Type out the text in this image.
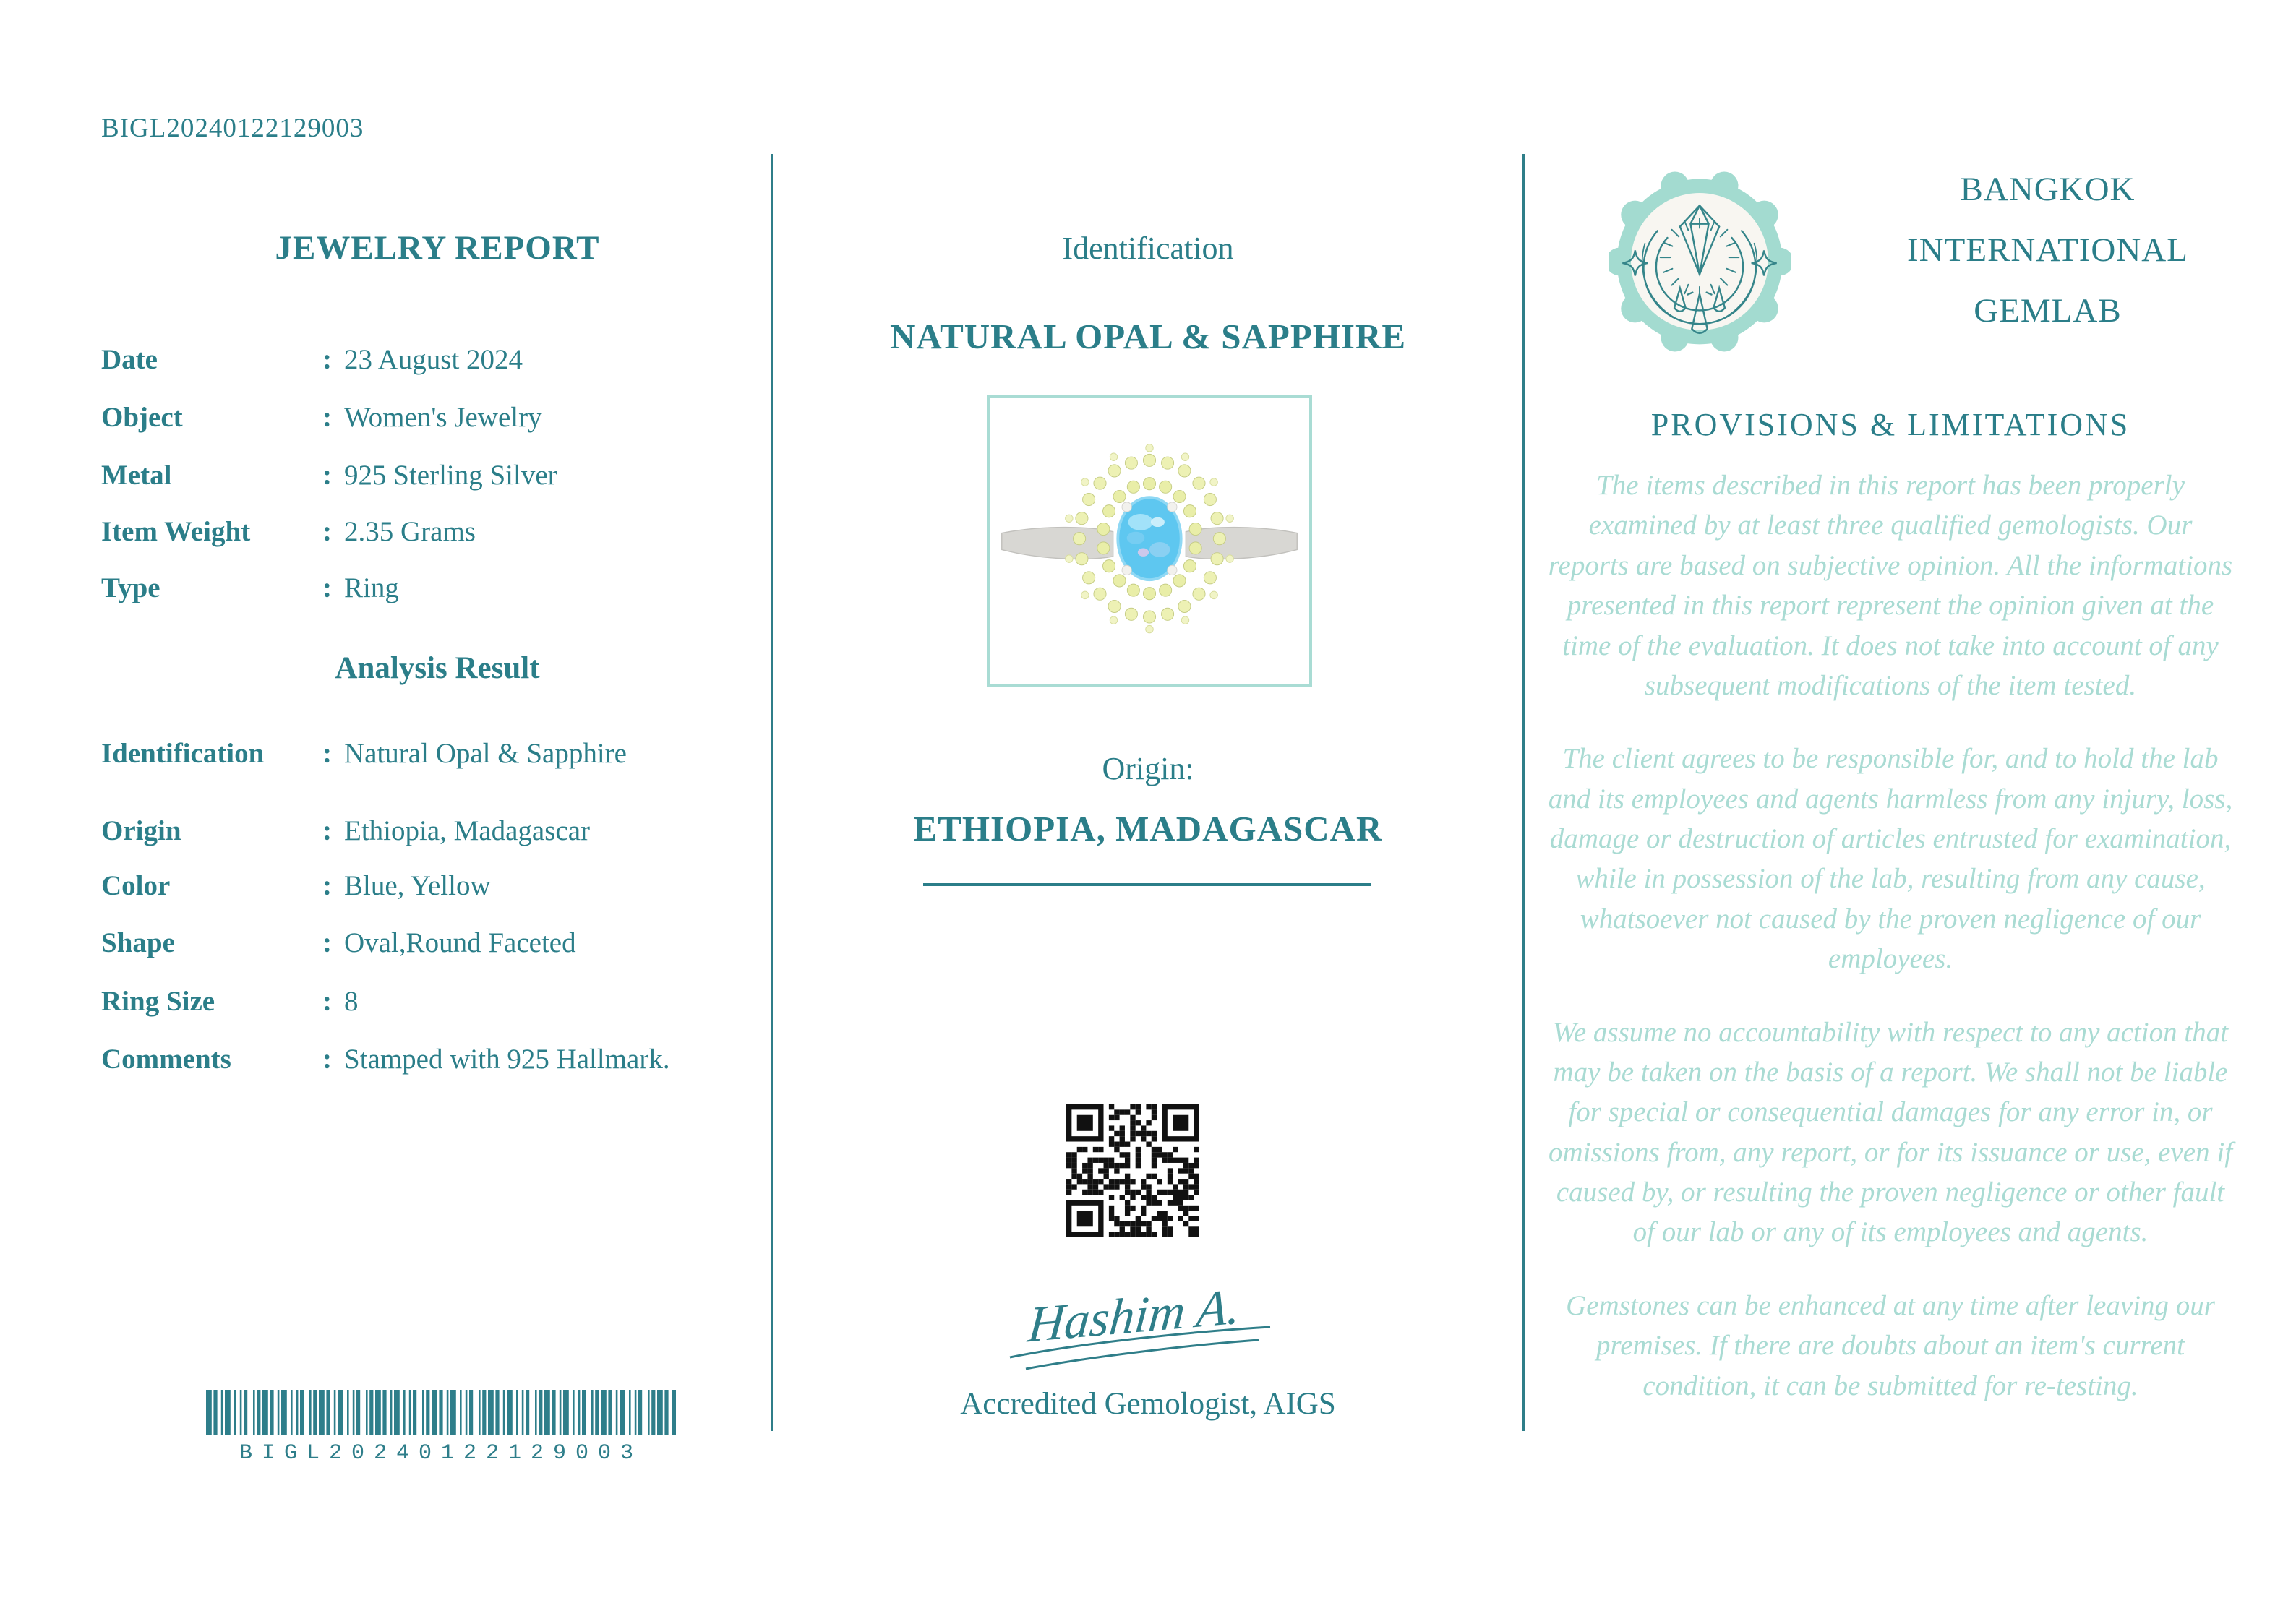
BIGL20240122129003
JEWELRY REPORT
Date	: 23 August 2024
Object	: Women's Jewelry
Metal	: 925 Sterling Silver
Item Weight	: 2.35 Grams
Type	: Ring
Analysis Result
Identification	: Natural Opal & Sapphire
Origin	: Ethiopia, Madagascar
Color	: Blue, Yellow
Shape	: Oval,Round Faceted
Ring Size	: 8
Comments	: Stamped with 925 Hallmark.
BIGL20240122129003
Identification
NATURAL OPAL & SAPPHIRE
Origin:
ETHIOPIA, MADAGASCAR
Hashim A.
Accredited Gemologist, AIGS
BANGKOK
INTERNATIONAL
GEMLAB
PROVISIONS & LIMITATIONS

The items described in this report has been properly examined by at least three qualified gemologists. Our reports are based on subjective opinion. All the informations presented in this report represent the opinion given at the time of the evaluation. It does not take into account of any subsequent modifications of the item tested.

The client agrees to be responsible for, and to hold the lab and its employees and agents harmless from any injury, loss, damage or destruction of articles entrusted for examination, while in possession of the lab, resulting from any cause, whatsoever not caused by the proven negligence of our employees.

We assume no accountability with respect to any action that may be taken on the basis of a report. We shall not be liable for special or consequential damages for any error in, or omissions from, any report, or for its issuance or use, even if caused by, or resulting the proven negligence or other fault of our lab or any of its employees and agents.

Gemstones can be enhanced at any time after leaving our premises. If there are doubts about an item's current condition, it can be submitted for re-testing.
